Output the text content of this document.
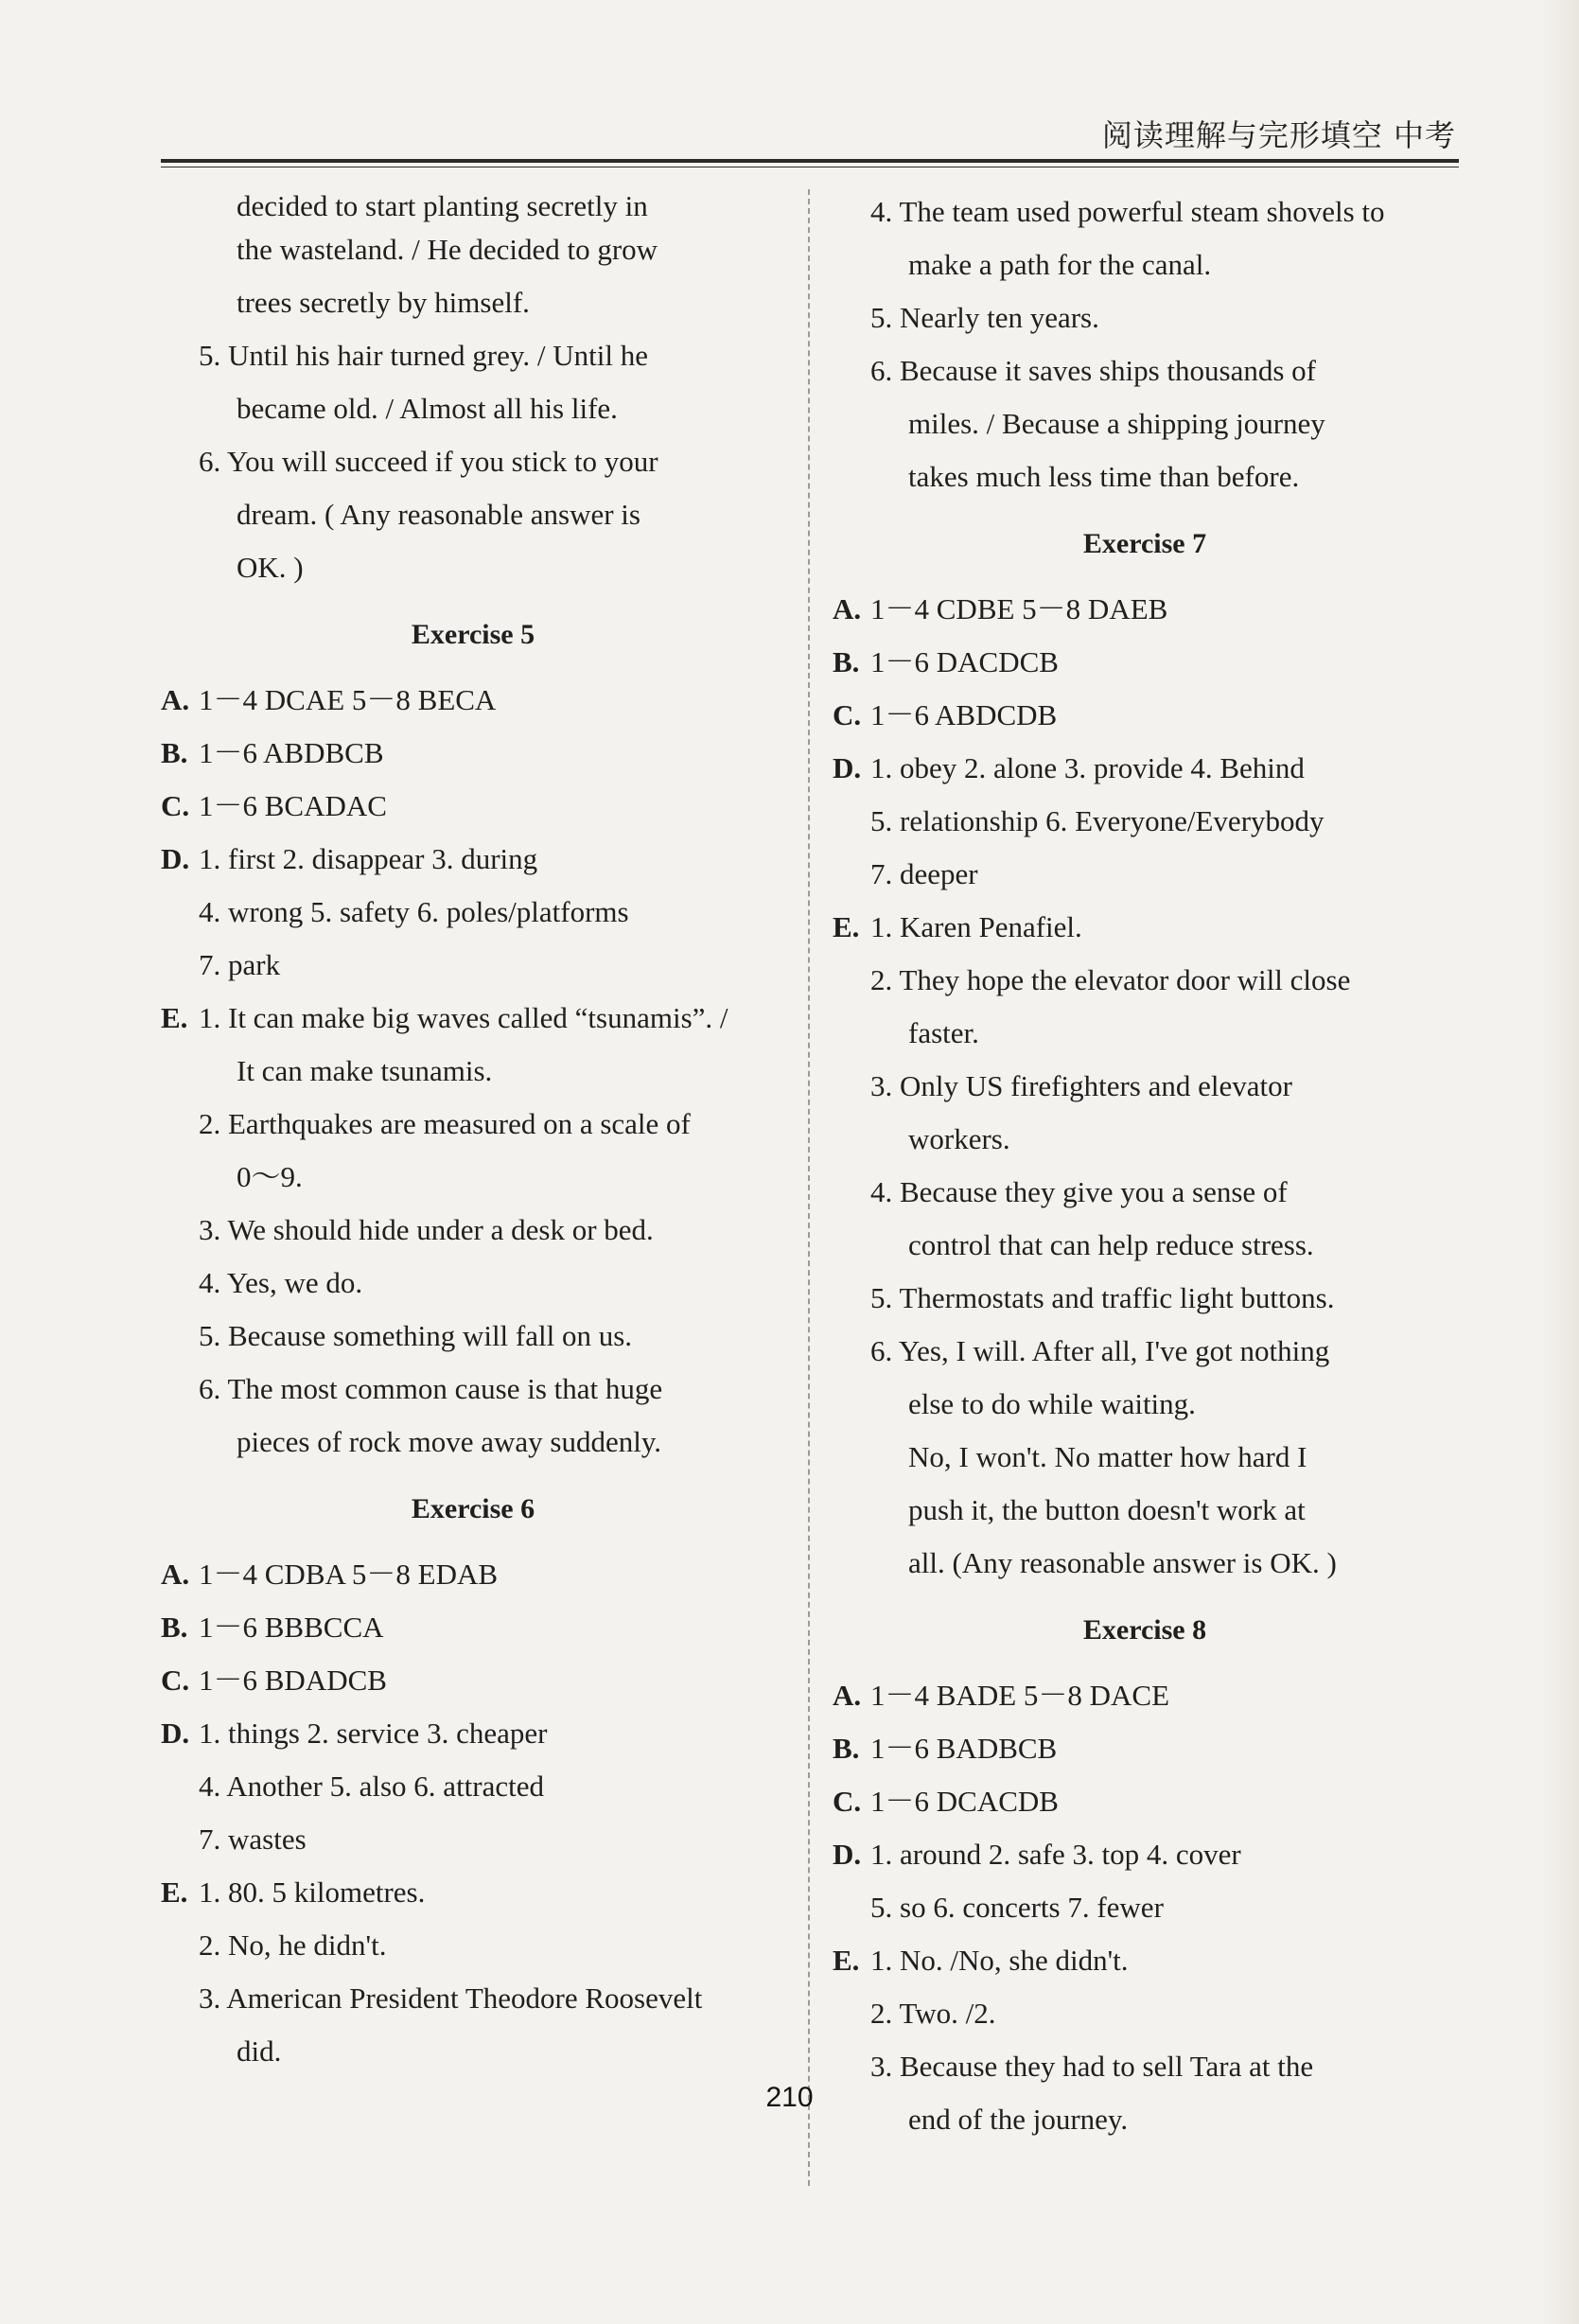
阅读理解与完形填空 中考
decided to start planting secretly in
the wasteland. / He decided to grow
trees secretly by himself.
5. Until his hair turned grey. / Until he
became old. / Almost all his life.
6. You will succeed if you stick to your
dream. ( Any reasonable answer is
OK. )
Exercise 5
A. 1－4 DCAE 5－8 BECA
B. 1－6 ABDBCB
C. 1－6 BCADAC
D. 1. first 2. disappear 3. during
4. wrong 5. safety 6. poles/platforms
7. park
E. 1. It can make big waves called “tsunamis”. /
It can make tsunamis.
2. Earthquakes are measured on a scale of
0～9.
3. We should hide under a desk or bed.
4. Yes, we do.
5. Because something will fall on us.
6. The most common cause is that huge
pieces of rock move away suddenly.
Exercise 6
A. 1－4 CDBA 5－8 EDAB
B. 1－6 BBBCCA
C. 1－6 BDADCB
D. 1. things 2. service 3. cheaper
4. Another 5. also 6. attracted
7. wastes
E. 1. 80. 5 kilometres.
2. No, he didn't.
3. American President Theodore Roosevelt
did.
4. The team used powerful steam shovels to
make a path for the canal.
5. Nearly ten years.
6. Because it saves ships thousands of
miles. / Because a shipping journey
takes much less time than before.
Exercise 7
A. 1－4 CDBE 5－8 DAEB
B. 1－6 DACDCB
C. 1－6 ABDCDB
D. 1. obey 2. alone 3. provide 4. Behind
5. relationship 6. Everyone/Everybody
7. deeper
E. 1. Karen Penafiel.
2. They hope the elevator door will close
faster.
3. Only US firefighters and elevator
workers.
4. Because they give you a sense of
control that can help reduce stress.
5. Thermostats and traffic light buttons.
6. Yes, I will. After all, I've got nothing
else to do while waiting.
No, I won't. No matter how hard I
push it, the button doesn't work at
all. (Any reasonable answer is OK. )
Exercise 8
A. 1－4 BADE 5－8 DACE
B. 1－6 BADBCB
C. 1－6 DCACDB
D. 1. around 2. safe 3. top 4. cover
5. so 6. concerts 7. fewer
E. 1. No. /No, she didn't.
2. Two. /2.
3. Because they had to sell Tara at the
end of the journey.
210
